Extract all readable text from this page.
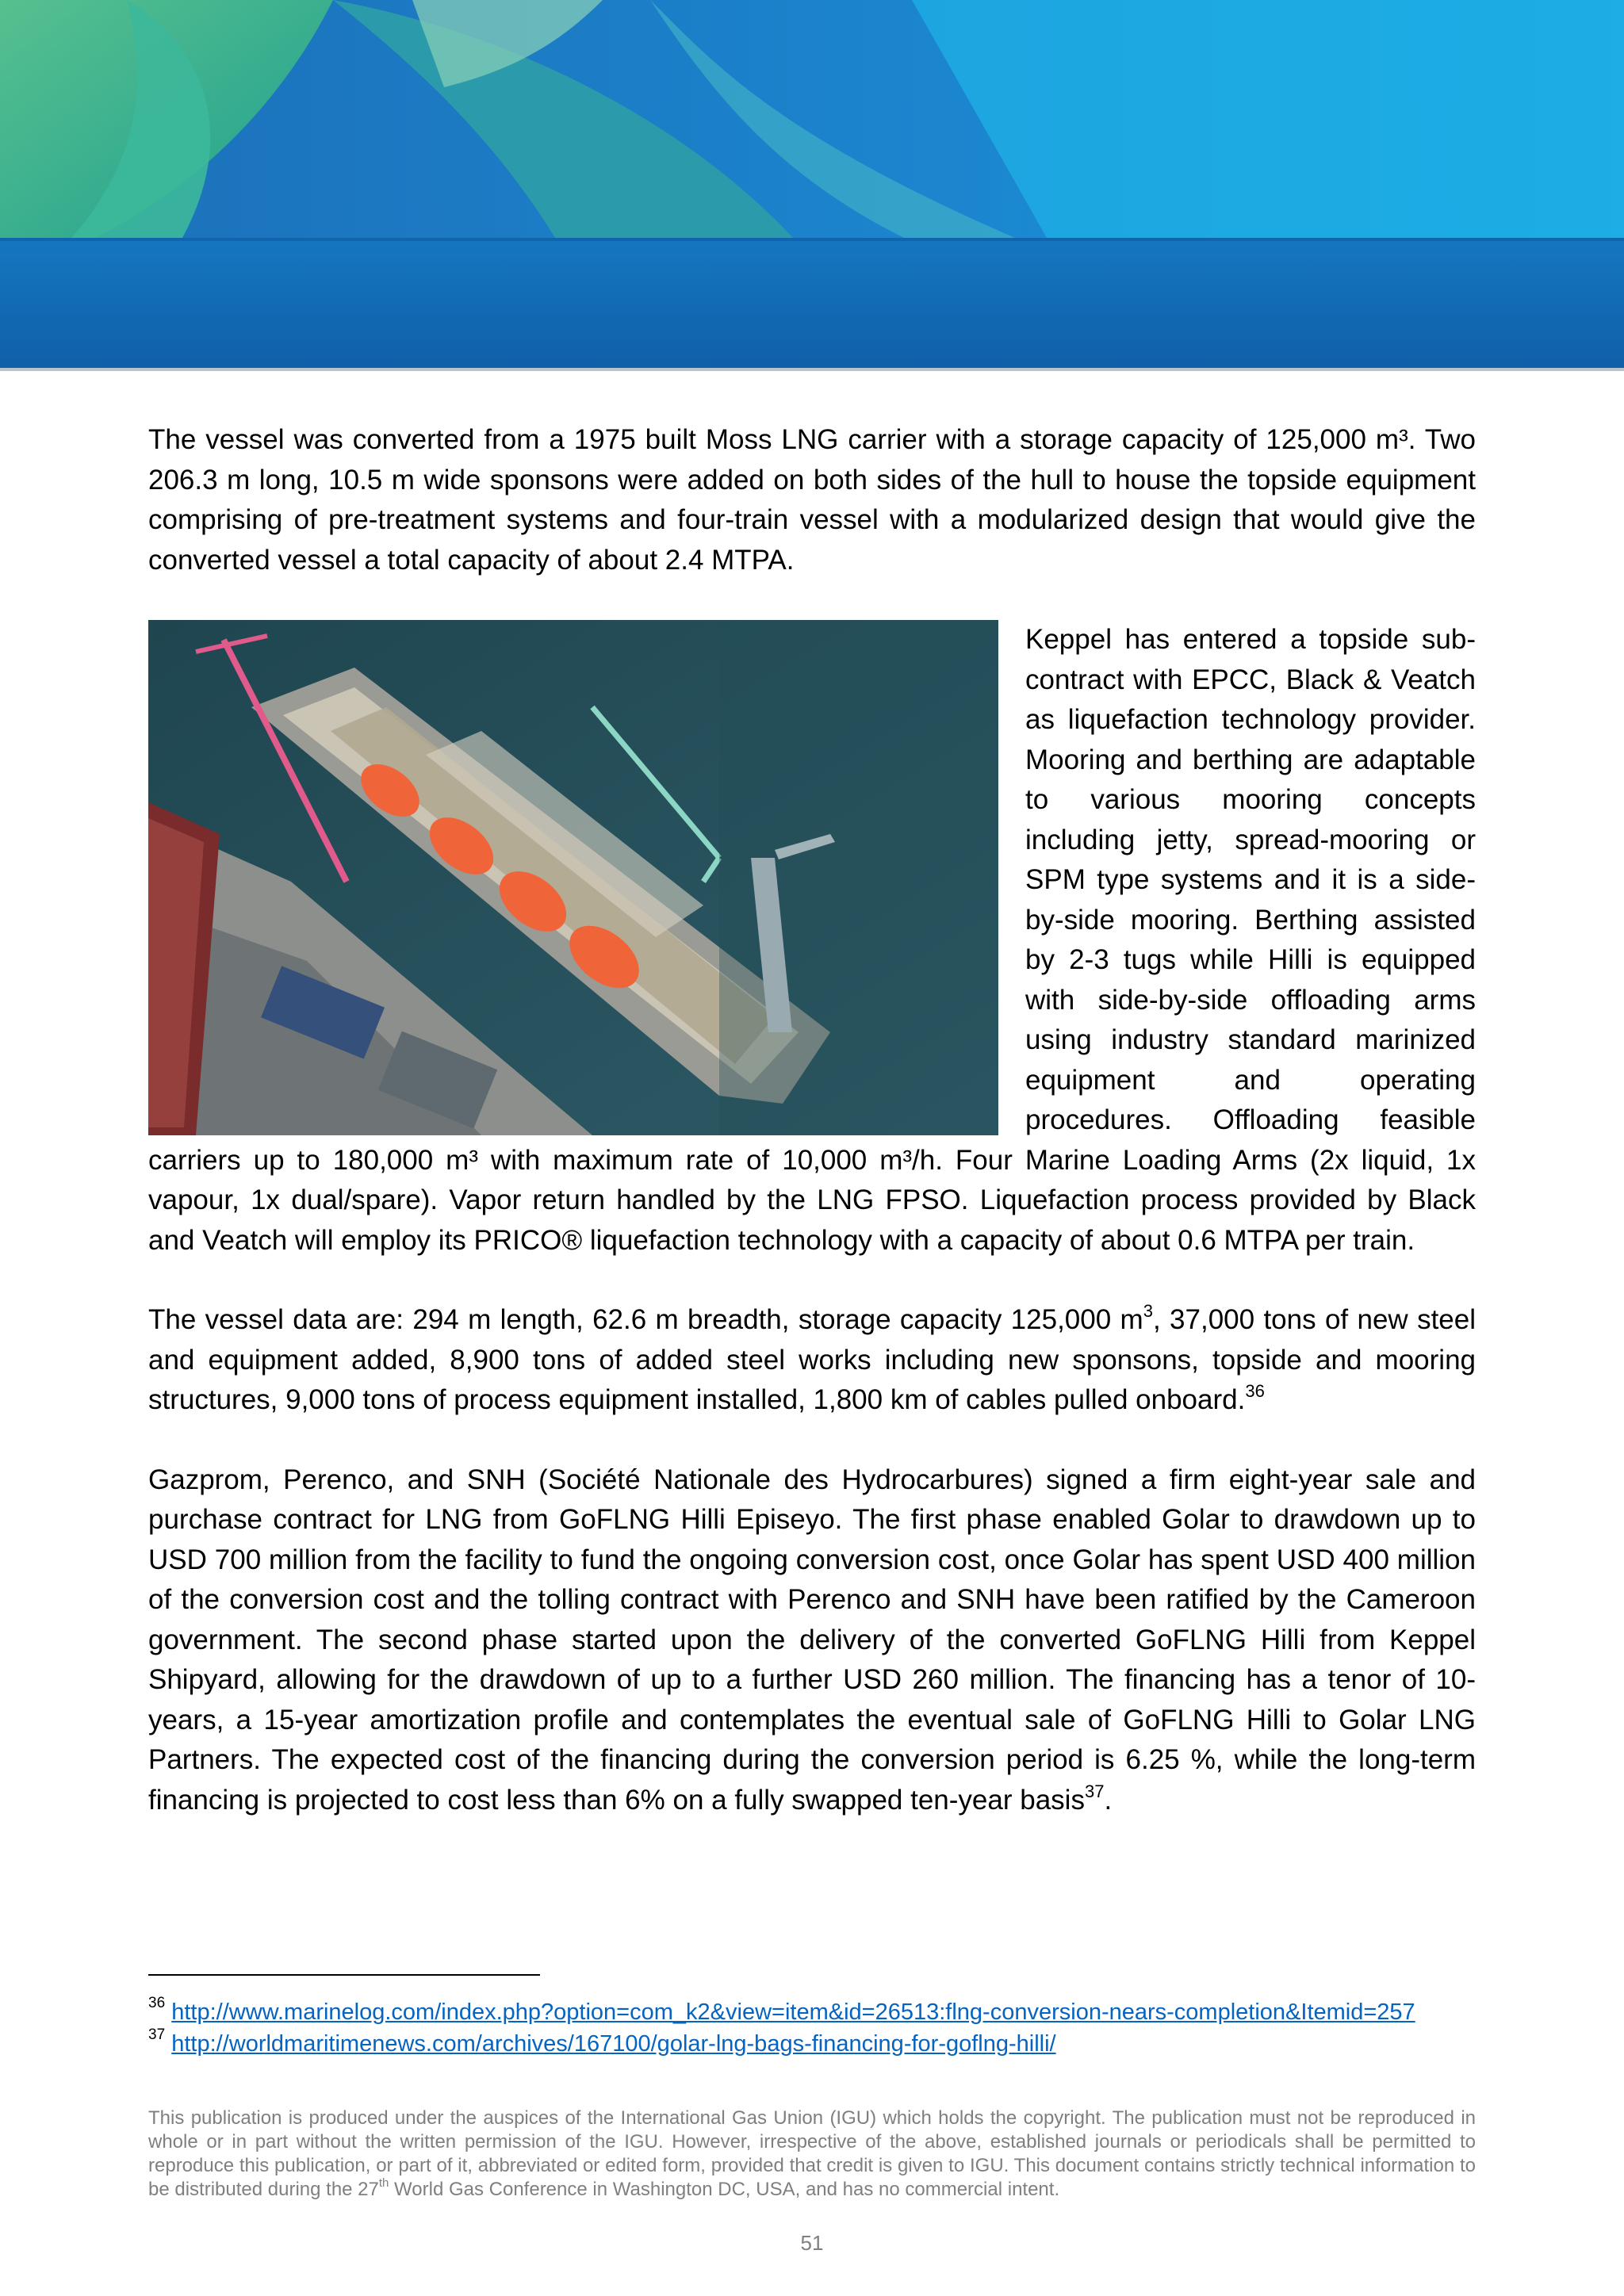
The vessel was converted from a 1975 built Moss LNG carrier with a storage capacity of 125,000 m³. Two 206.3 m long, 10.5 m wide sponsons were added on both sides of the hull to house the topside equipment comprising of pre-treatment systems and four-train vessel with a modularized design that would give the converted vessel a total capacity of about 2.4 MTPA.

Keppel has entered a topside sub-contract with EPCC, Black & Veatch as liquefaction technology provider. Mooring and berthing are adaptable to various mooring concepts including jetty, spread-mooring or SPM type systems and it is a side-by-side mooring. Berthing assisted by 2-3 tugs while Hilli is equipped with side-by-side offloading arms using industry standard marinized equipment and operating procedures. Offloading feasible carriers up to 180,000 m³ with maximum rate of 10,000 m³/h. Four Marine Loading Arms (2x liquid, 1x vapour, 1x dual/spare). Vapor return handled by the LNG FPSO. Liquefaction process provided by Black and Veatch will employ its PRICO® liquefaction technology with a capacity of about 0.6 MTPA per train.

The vessel data are: 294 m length, 62.6 m breadth, storage capacity 125,000 $m^3$, 37,000 tons of new steel and equipment added, 8,900 tons of added steel works including new sponsons, topside and mooring structures, 9,000 tons of process equipment installed, 1,800 km of cables pulled onboard.$^{36}$

Gazprom, Perenco, and SNH (Société Nationale des Hydrocarbures) signed a firm eight-year sale and purchase contract for LNG from GoFLNG Hilli Episeyo. The first phase enabled Golar to drawdown up to USD 700 million from the facility to fund the ongoing conversion cost, once Golar has spent USD 400 million of the conversion cost and the tolling contract with Perenco and SNH have been ratified by the Cameroon government. The second phase started upon the delivery of the converted GoFLNG Hilli from Keppel Shipyard, allowing for the drawdown of up to a further USD 260 million. The financing has a tenor of 10-years, a 15-year amortization profile and contemplates the eventual sale of GoFLNG Hilli to Golar LNG Partners. The expected cost of the financing during the conversion period is 6.25 %, while the long-term financing is projected to cost less than 6% on a fully swapped ten-year basis$^{37}$.

$^{36}$ http://www.marinelog.com/index.php?option=com_k2&view=item&id=26513:flng-conversion-nears-completion&Itemid=257
$^{37}$ http://worldmaritimenews.com/archives/167100/golar-lng-bags-financing-for-goflng-hilli/
This publication is produced under the auspices of the International Gas Union (IGU) which holds the copyright. The publication must not be reproduced in whole or in part without the written permission of the IGU. However, irrespective of the above, established journals or periodicals shall be permitted to reproduce this publication, or part of it, abbreviated or edited form, provided that credit is given to IGU. This document contains strictly technical information to be distributed during the 27th World Gas Conference in Washington DC, USA, and has no commercial intent.
51
